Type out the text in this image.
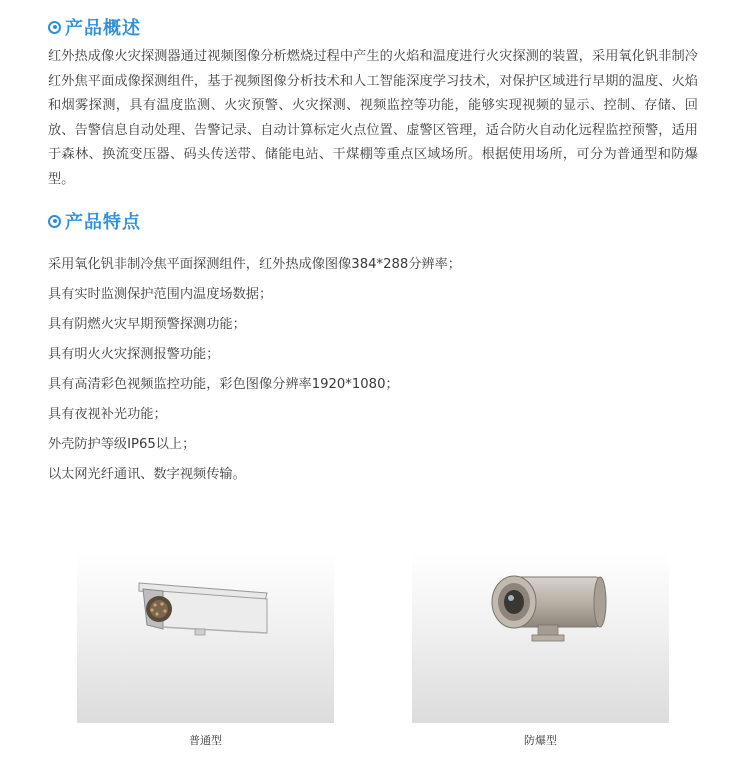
产品概述
红外热成像火灾探测器通过视频图像分析燃烧过程中产生的火焰和温度进行火灾探测的装置，采用氧化钒非制冷红外焦平面成像探测组件，基于视频图像分析技术和人工智能深度学习技术，对保护区域进行早期的温度、火焰和烟雾探测，具有温度监测、火灾预警、火灾探测、视频监控等功能，能够实现视频的显示、控制、存储、回放、告警信息自动处理、告警记录、自动计算标定火点位置、虚警区管理，适合防火自动化远程监控预警，适用于森林、换流变压器、码头传送带、储能电站、干煤棚等重点区域场所。根据使用场所，可分为普通型和防爆型。
产品特点
采用氧化钒非制冷焦平面探测组件，红外热成像图像384*288分辨率；
具有实时监测保护范围内温度场数据；
具有阴燃火灾早期预警探测功能；
具有明火火灾探测报警功能；
具有高清彩色视频监控功能，彩色图像分辨率1920*1080；
具有夜视补光功能；
外壳防护等级IP65以上；
以太网光纤通讯、数字视频传输。
普通型	防爆型
